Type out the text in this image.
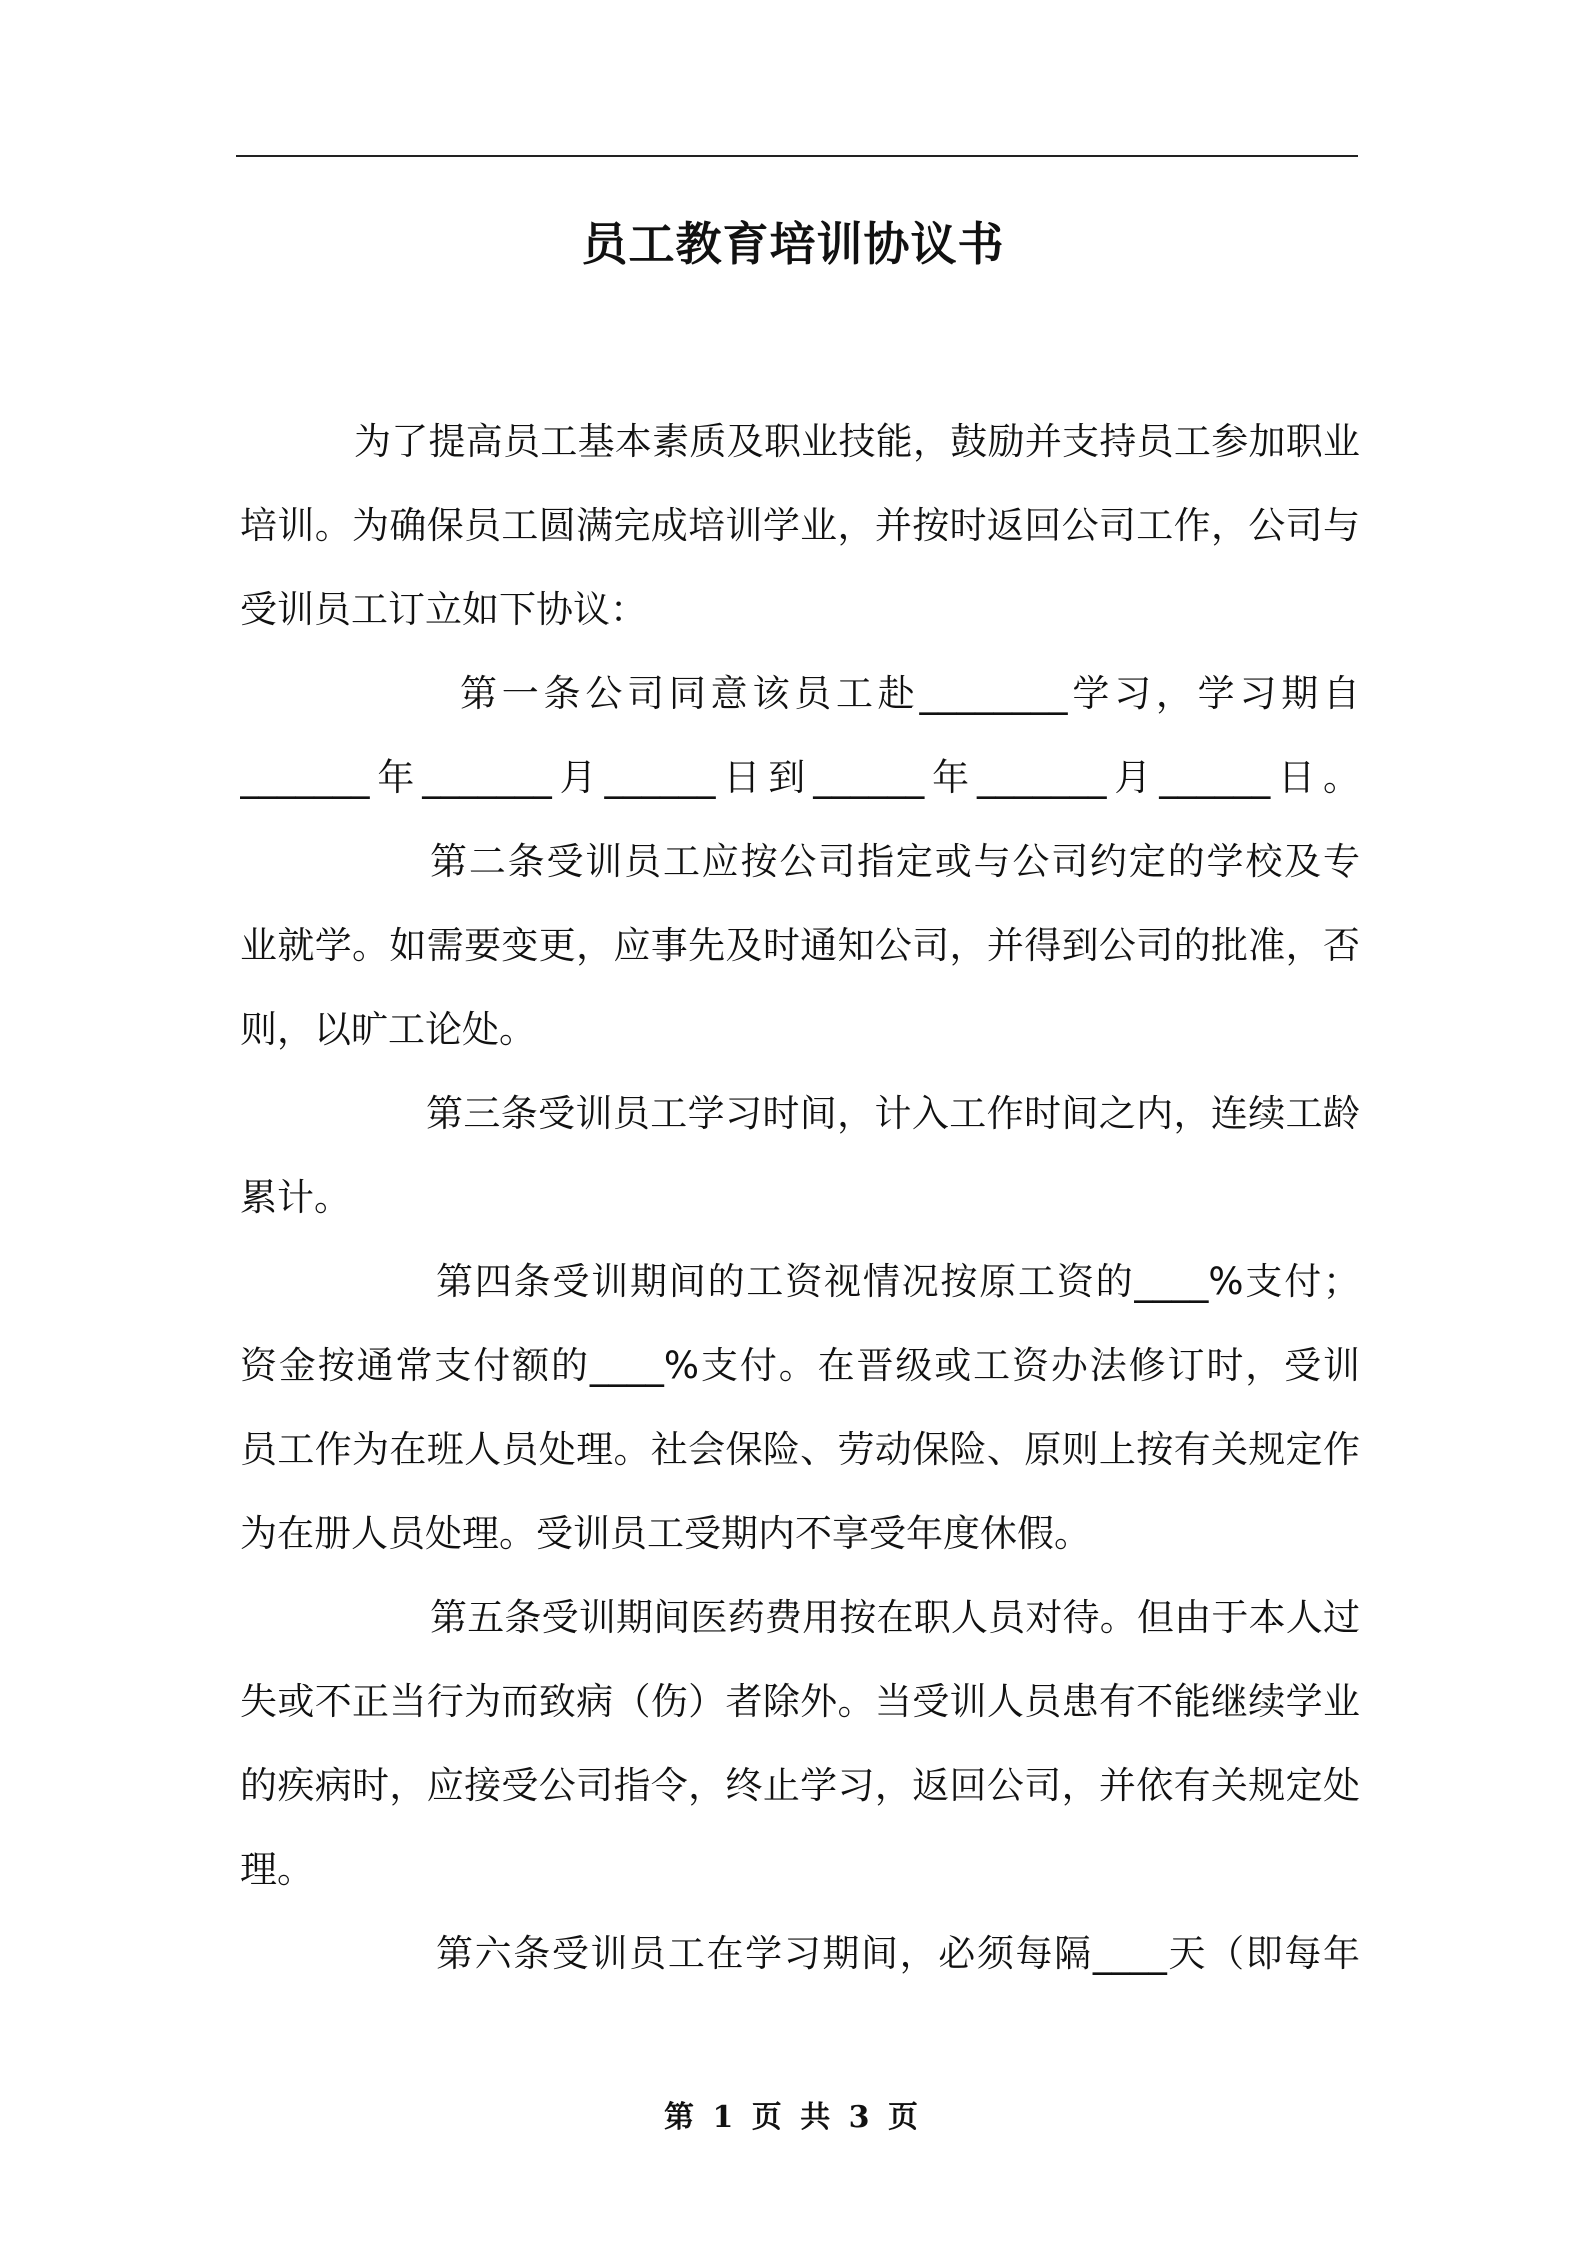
员工教育培训协议书
为了提高员工基本素质及职业技能，鼓励并支持员工参加职业
培训。为确保员工圆满完成培训学业，并按时返回公司工作，公司与
受训员工订立如下协议：
第一条公司同意该员工赴________学习，学习期自
_______年_______月______日到______年_______月______日。
第二条受训员工应按公司指定或与公司约定的学校及专
业就学。如需要变更，应事先及时通知公司，并得到公司的批准，否
则，以旷工论处。
第三条受训员工学习时间，计入工作时间之内，连续工龄
累计。
第四条受训期间的工资视情况按原工资的____%支付；
资金按通常支付额的____%支付。在晋级或工资办法修订时，受训
员工作为在班人员处理。社会保险、劳动保险、原则上按有关规定作
为在册人员处理。受训员工受期内不享受年度休假。
第五条受训期间医药费用按在职人员对待。但由于本人过
失或不正当行为而致病（伤）者除外。当受训人员患有不能继续学业
的疾病时，应接受公司指令，终止学习，返回公司，并依有关规定处
理。
第六条受训员工在学习期间，必须每隔____天（即每年
第 1 页 共 3 页
